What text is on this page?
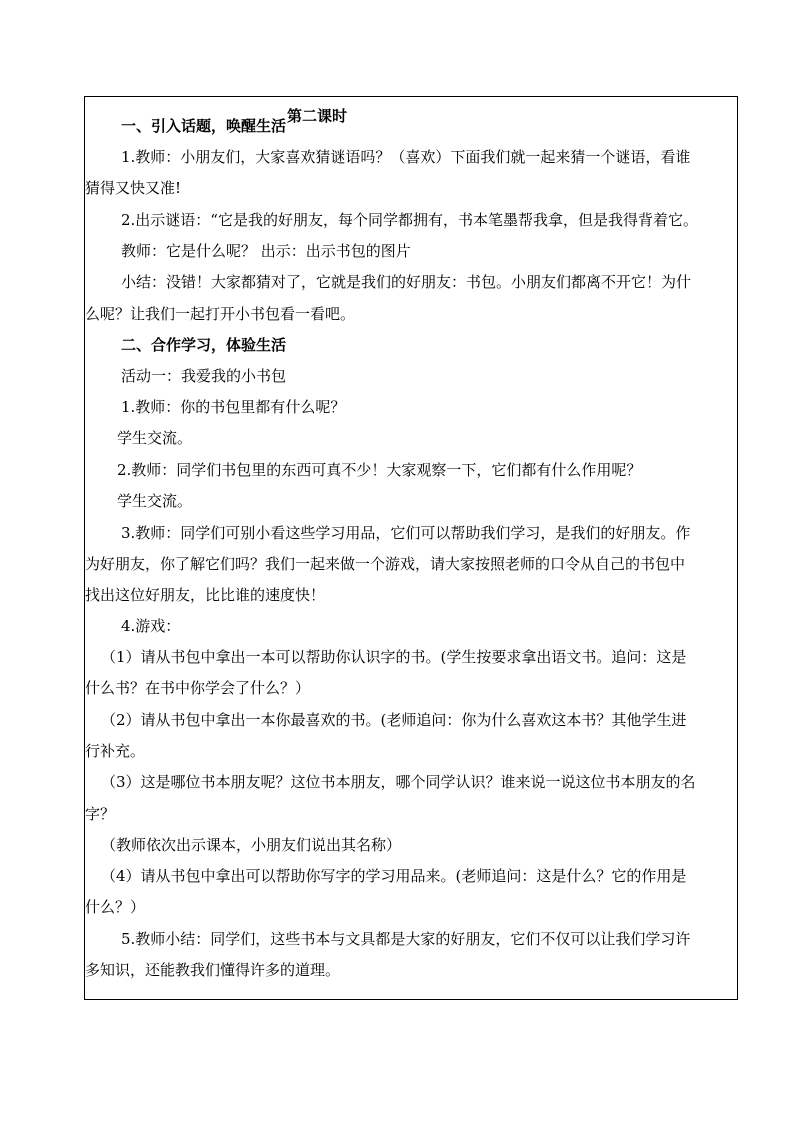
第二课时
一、引入话题，唤醒生活
1.教师：小朋友们，大家喜欢猜谜语吗？（喜欢）下面我们就一起来猜一个谜语，看谁
猜得又快又准!
2.出示谜语：“它是我的好朋友，每个同学都拥有，书本笔墨帮我拿，但是我得背着它。
教师：它是什么呢？ 出示：出示书包的图片
小结：没错！大家都猜对了，它就是我们的好朋友：书包。小朋友们都离不开它！为什
么呢？让我们一起打开小书包看一看吧。
二、合作学习，体验生活
活动一：我爱我的小书包
1.教师：你的书包里都有什么呢？
学生交流。
2.教师：同学们书包里的东西可真不少！大家观察一下，它们都有什么作用呢？
学生交流。
3.教师：同学们可别小看这些学习用品，它们可以帮助我们学习，是我们的好朋友。作
为好朋友，你了解它们吗？我们一起来做一个游戏，请大家按照老师的口令从自己的书包中
找出这位好朋友，比比谁的速度快！
4.游戏：
（1）请从书包中拿出一本可以帮助你认识字的书。(学生按要求拿出语文书。追问：这是
什么书？在书中你学会了什么？）
（2）请从书包中拿出一本你最喜欢的书。(老师追问：你为什么喜欢这本书？其他学生进
行补充。
（3）这是哪位书本朋友呢？这位书本朋友，哪个同学认识？谁来说一说这位书本朋友的名
字？
（教师依次出示课本，小朋友们说出其名称）
（4）请从书包中拿出可以帮助你写字的学习用品来。(老师追问：这是什么？它的作用是
什么？）
5.教师小结：同学们，这些书本与文具都是大家的好朋友，它们不仅可以让我们学习许
多知识，还能教我们懂得许多的道理。
